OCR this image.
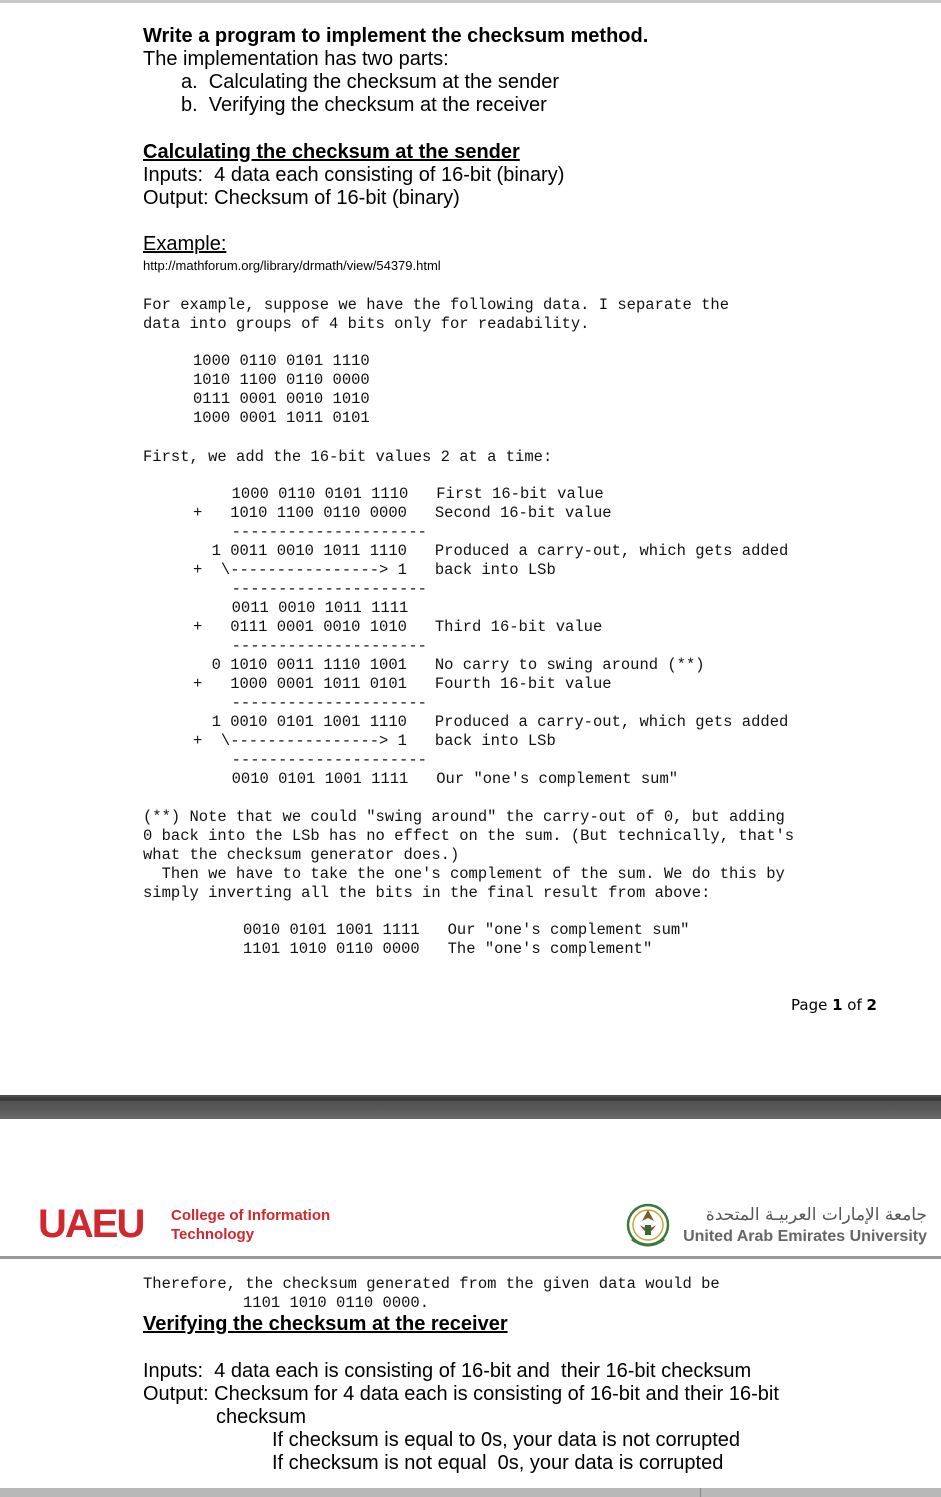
Write a program to implement the checksum method.
The implementation has two parts:
a.  Calculating the checksum at the sender
b.  Verifying the checksum at the receiver
Calculating the checksum at the sender
Inputs:  4 data each consisting of 16-bit (binary)
Output: Checksum of 16-bit (binary)
Example:
http://mathforum.org/library/drmath/view/54379.html
For example, suppose we have the following data. I separate the
data into groups of 4 bits only for readability.
1000 0110 0101 1110
1010 1100 0110 0000
0111 0001 0010 1010
1000 0001 1011 0101
First, we add the 16-bit values 2 at a time:
1000 0110 0101 1110   First 16-bit value
+   1010 1100 0110 0000   Second 16-bit value
---------------------
1 0011 0010 1011 1110   Produced a carry-out, which gets added
+  \----------------> 1   back into LSb
---------------------
0011 0010 1011 1111
+   0111 0001 0010 1010   Third 16-bit value
---------------------
0 1010 0011 1110 1001   No carry to swing around (**)
+   1000 0001 1011 0101   Fourth 16-bit value
---------------------
1 0010 0101 1001 1110   Produced a carry-out, which gets added
+  \----------------> 1   back into LSb
---------------------
0010 0101 1001 1111   Our "one's complement sum"
(**) Note that we could "swing around" the carry-out of 0, but adding
0 back into the LSb has no effect on the sum. (But technically, that's
what the checksum generator does.)
Then we have to take the one's complement of the sum. We do this by
simply inverting all the bits in the final result from above:
0010 0101 1001 1111   Our "one's complement sum"
1101 1010 0110 0000   The "one's complement"
Page 1 of 2
UAEU College of Information
Technology
جامعة الإمارات العربيـة المتحدة
United Arab Emirates University
Therefore, the checksum generated from the given data would be
1101 1010 0110 0000.
Verifying the checksum at the receiver
Inputs:  4 data each is consisting of 16-bit and  their 16-bit checksum
Output: Checksum for 4 data each is consisting of 16-bit and their 16-bit
checksum
If checksum is equal to 0s, your data is not corrupted
If checksum is not equal  0s, your data is corrupted
